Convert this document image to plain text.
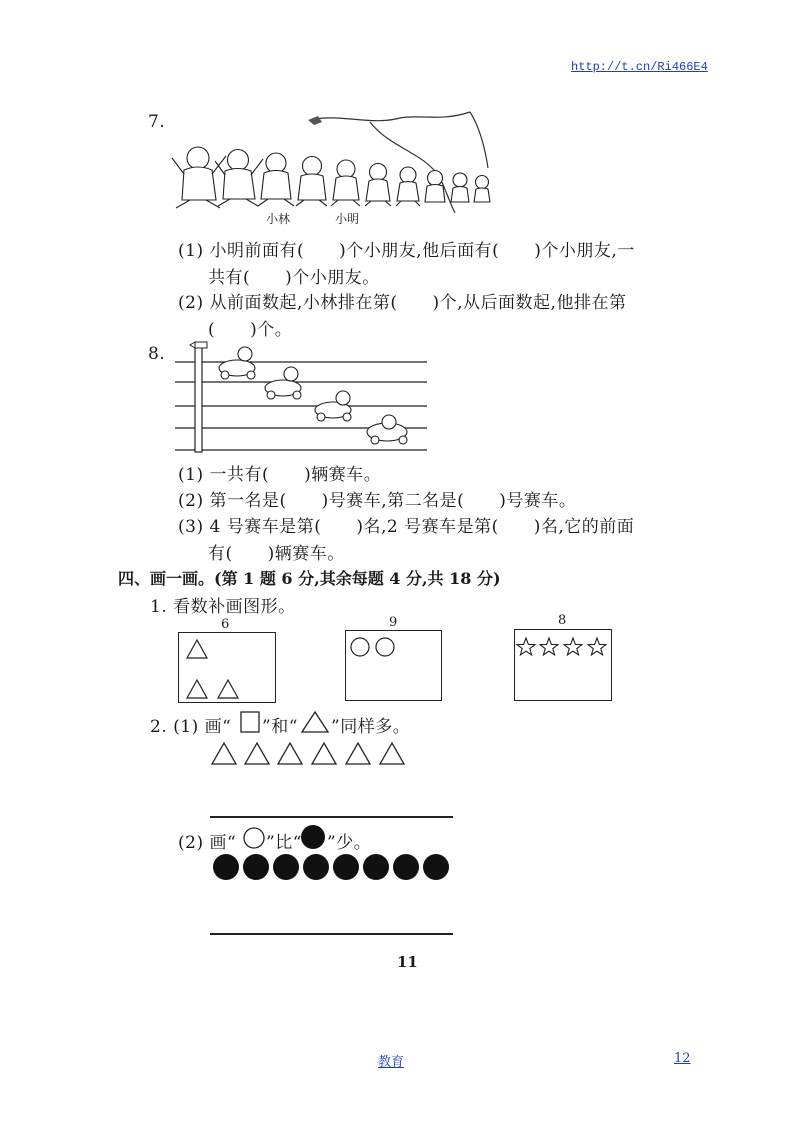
http://t.cn/Ri466E4
7.
小林	小明
(1) 小明前面有(　　)个小朋友,他后面有(　　)个小朋友,一
共有(　　)个小朋友。
(2) 从前面数起,小林排在第(　　)个,从后面数起,他排在第
(　　)个。
8.
(1) 一共有(　　)辆赛车。
(2) 第一名是(　　)号赛车,第二名是(　　)号赛车。
(3) 4 号赛车是第(　　)名,2 号赛车是第(　　)名,它的前面
有(　　)辆赛车。
四、画一画。(第 1 题 6 分,其余每题 4 分,共 18 分)
1. 看数补画图形。
6	9	8
2. (1) 画“ ”和“ ”同样多。
(2) 画“ ”比“ ”少。
11
教育	12
